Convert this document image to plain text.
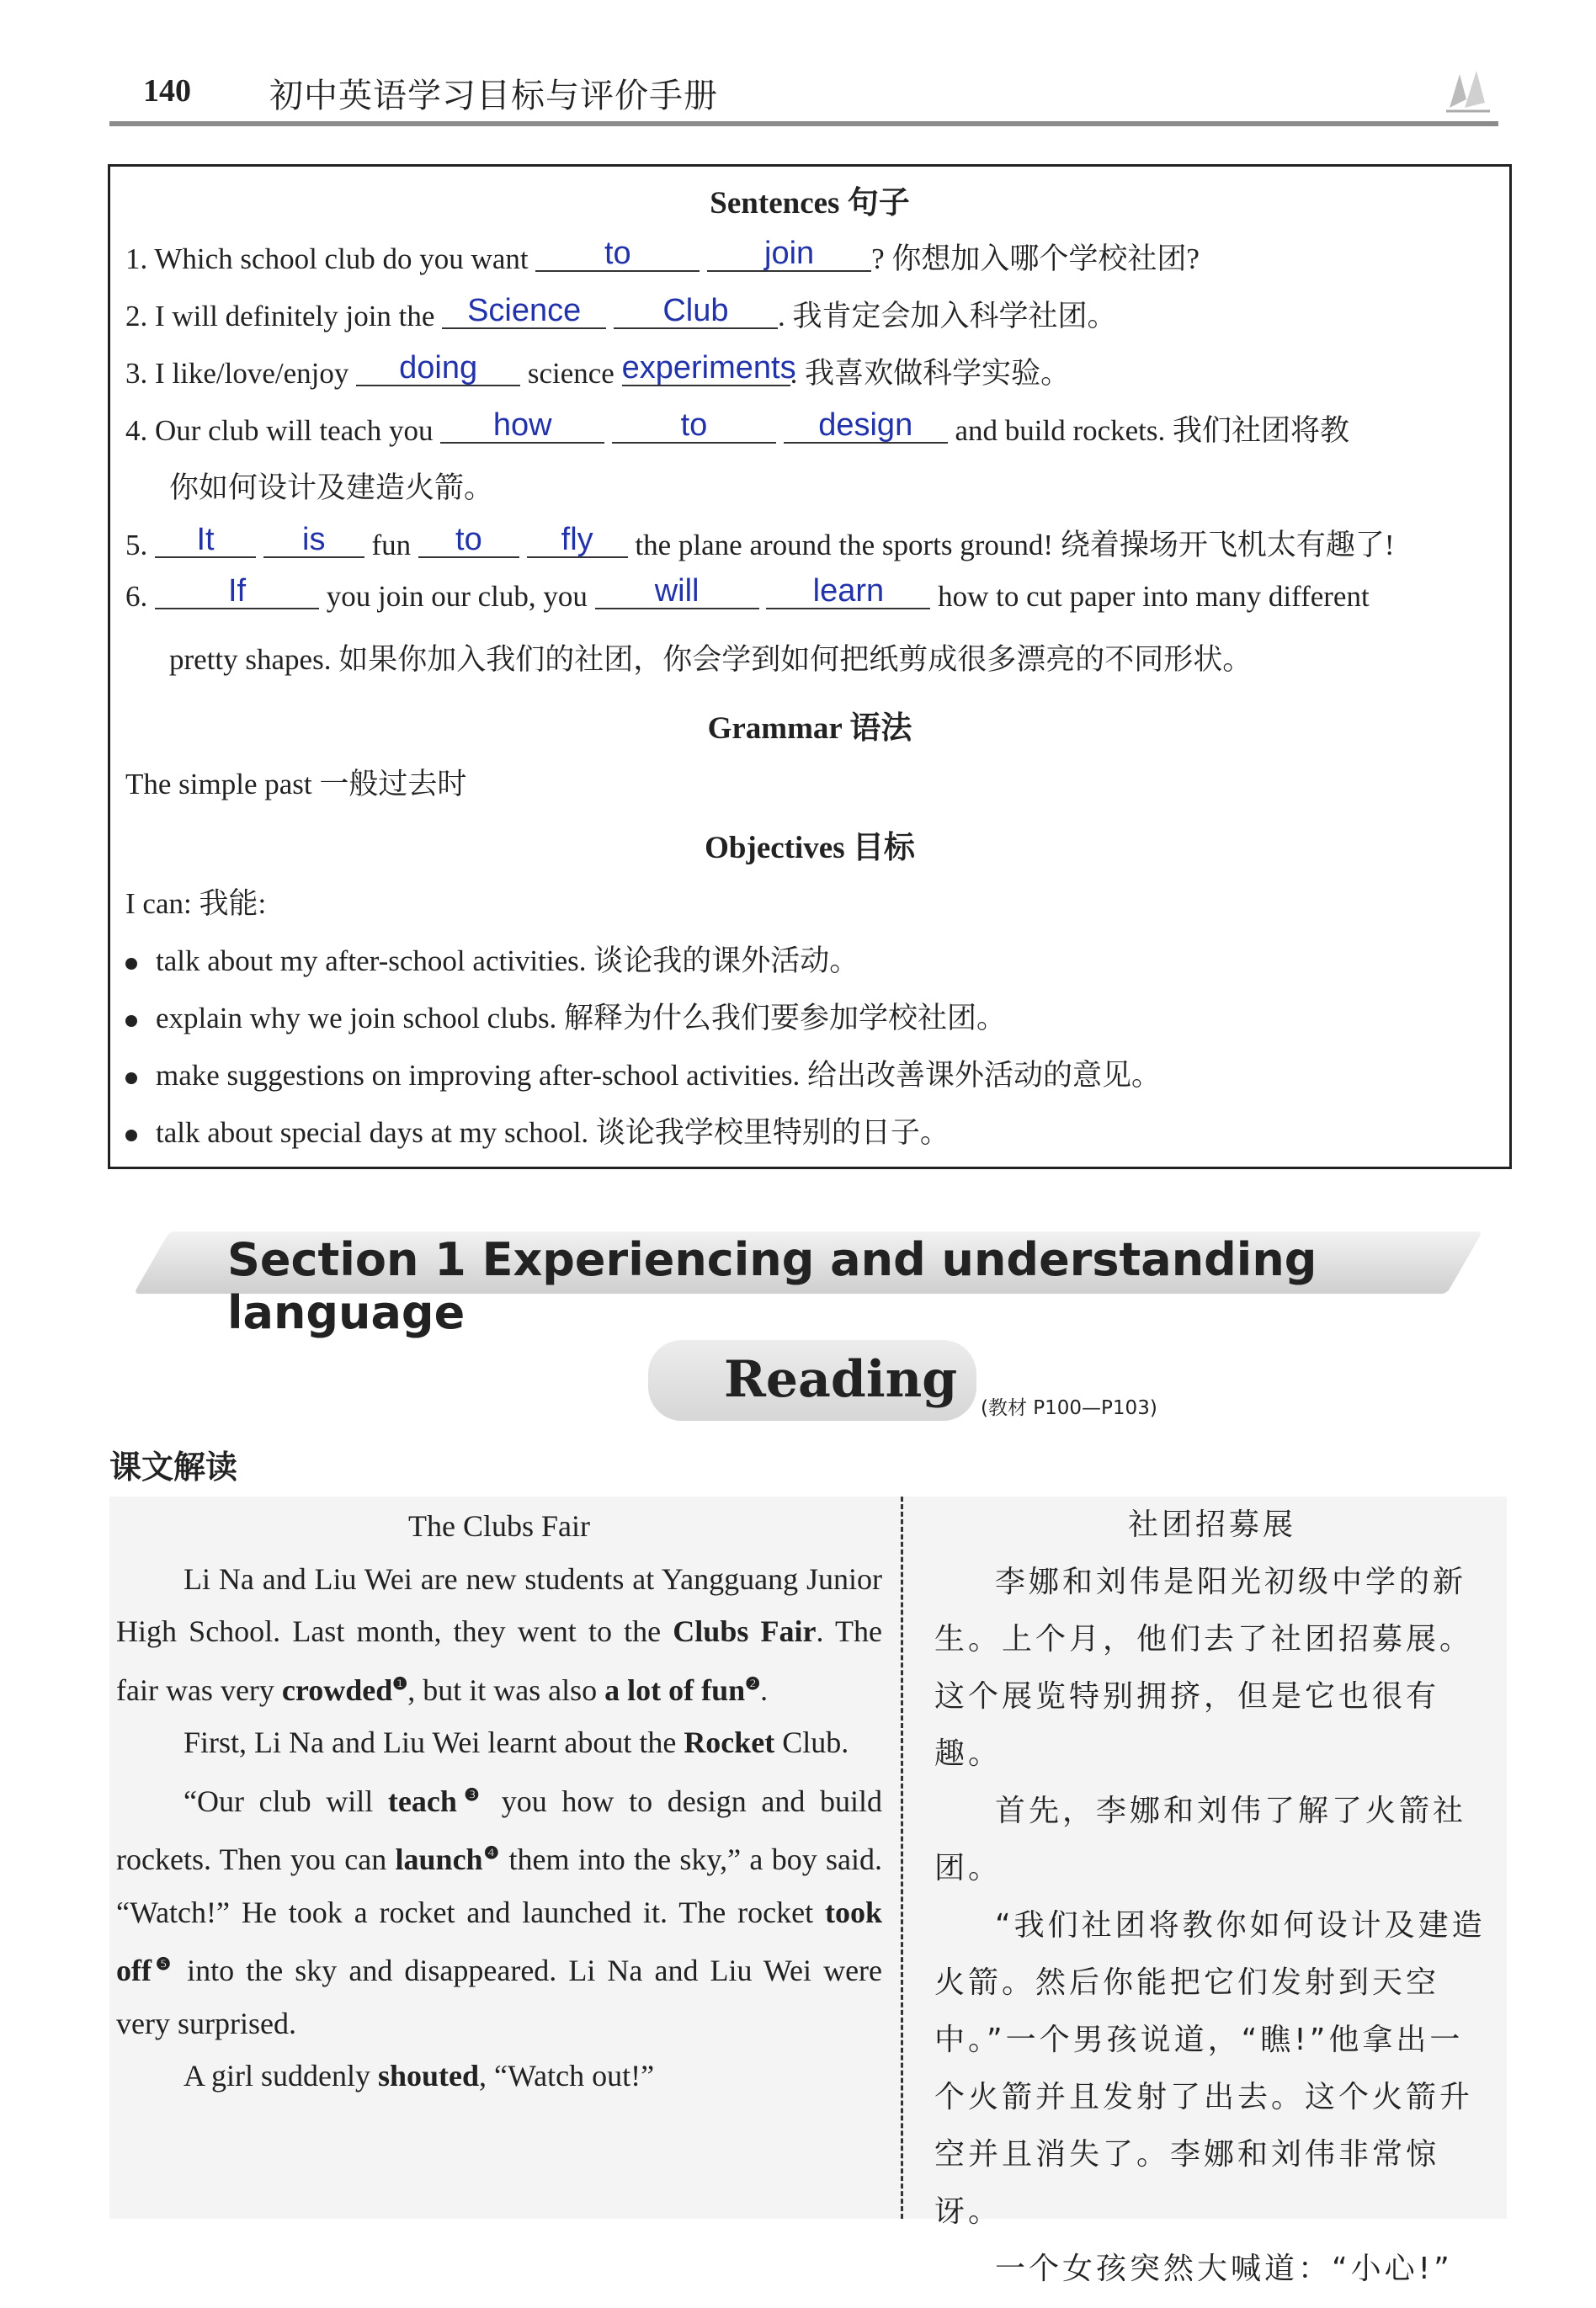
140 初中英语学习目标与评价手册
Sentences 句子
1. Which school club do you want to	join ? 你想加入哪个学校社团?
2. I will definitely join the Science	Club . 我肯定会加入科学社团。
3. I like/love/enjoy doing science experiments. 我喜欢做科学实验。
4. Our club will teach you how	to	design and build rockets. 我们社团将教
你如何设计及建造火箭。
5. It	is fun to fly the plane around the sports ground! 绕着操场开飞机太有趣了!
6.	If	you join our club, you will	learn how to cut paper into many different
pretty shapes. 如果你加入我们的社团，你会学到如何把纸剪成很多漂亮的不同形状。
Grammar 语法
The simple past 一般过去时
Objectives 目标
I can: 我能:
talk about my after-school activities. 谈论我的课外活动。
explain why we join school clubs. 解释为什么我们要参加学校社团。
make suggestions on improving after-school activities. 给出改善课外活动的意见。
talk about special days at my school. 谈论我学校里特别的日子。
Section 1 Experiencing and understanding language
Reading (教材 P100—P103)
课文解读

The Clubs Fair

Li Na and Liu Wei are new students at Yangguang Junior High School. Last month, they went to the Clubs Fair. The fair was very crowded$^❶$, but it was also a lot of fun$^❷$.

First, Li Na and Liu Wei learnt about the Rocket Club.

“Our club will teach$^❸$ you how to design and build rockets. Then you can launch$^❹$ them into the sky,” a boy said. “Watch!” He took a rocket and launched it. The rocket took off$^❺$ into the sky and disappeared. Li Na and Liu Wei were very surprised.

A girl suddenly shouted, “Watch out!”

社团招募展

李娜和刘伟是阳光初级中学的新生。上个月，他们去了社团招募展。这个展览特别拥挤，但是它也很有趣。

首先，李娜和刘伟了解了火箭社团。

“我们社团将教你如何设计及建造火箭。然后你能把它们发射到天空中。”一个男孩说道，“瞧!”他拿出一个火箭并且发射了出去。这个火箭升空并且消失了。李娜和刘伟非常惊讶。

一个女孩突然大喊道：“小心!”
